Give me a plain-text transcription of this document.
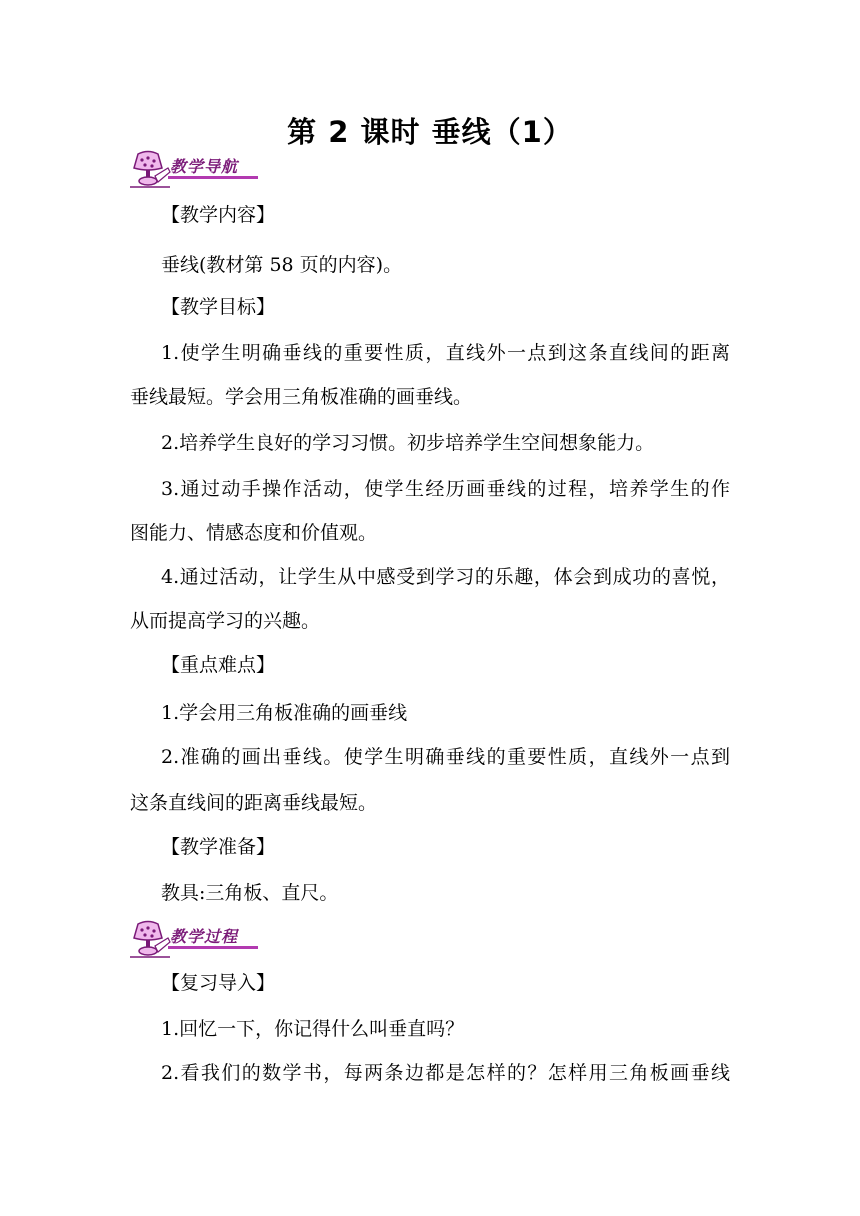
第 2 课时 垂线（1）
教学导航
【教学内容】
垂线(教材第 58 页的内容)。
【教学目标】
1.使学生明确垂线的重要性质，直线外一点到这条直线间的距离
垂线最短。学会用三角板准确的画垂线。
2.培养学生良好的学习习惯。初步培养学生空间想象能力。
3.通过动手操作活动，使学生经历画垂线的过程，培养学生的作
图能力、情感态度和价值观。
4.通过活动，让学生从中感受到学习的乐趣，体会到成功的喜悦，
从而提高学习的兴趣。
【重点难点】
1.学会用三角板准确的画垂线
2.准确的画出垂线。使学生明确垂线的重要性质，直线外一点到
这条直线间的距离垂线最短。
【教学准备】
教具:三角板、直尺。
教学过程
【复习导入】
1.回忆一下，你记得什么叫垂直吗？
2.看我们的数学书，每两条边都是怎样的？怎样用三角板画垂线
